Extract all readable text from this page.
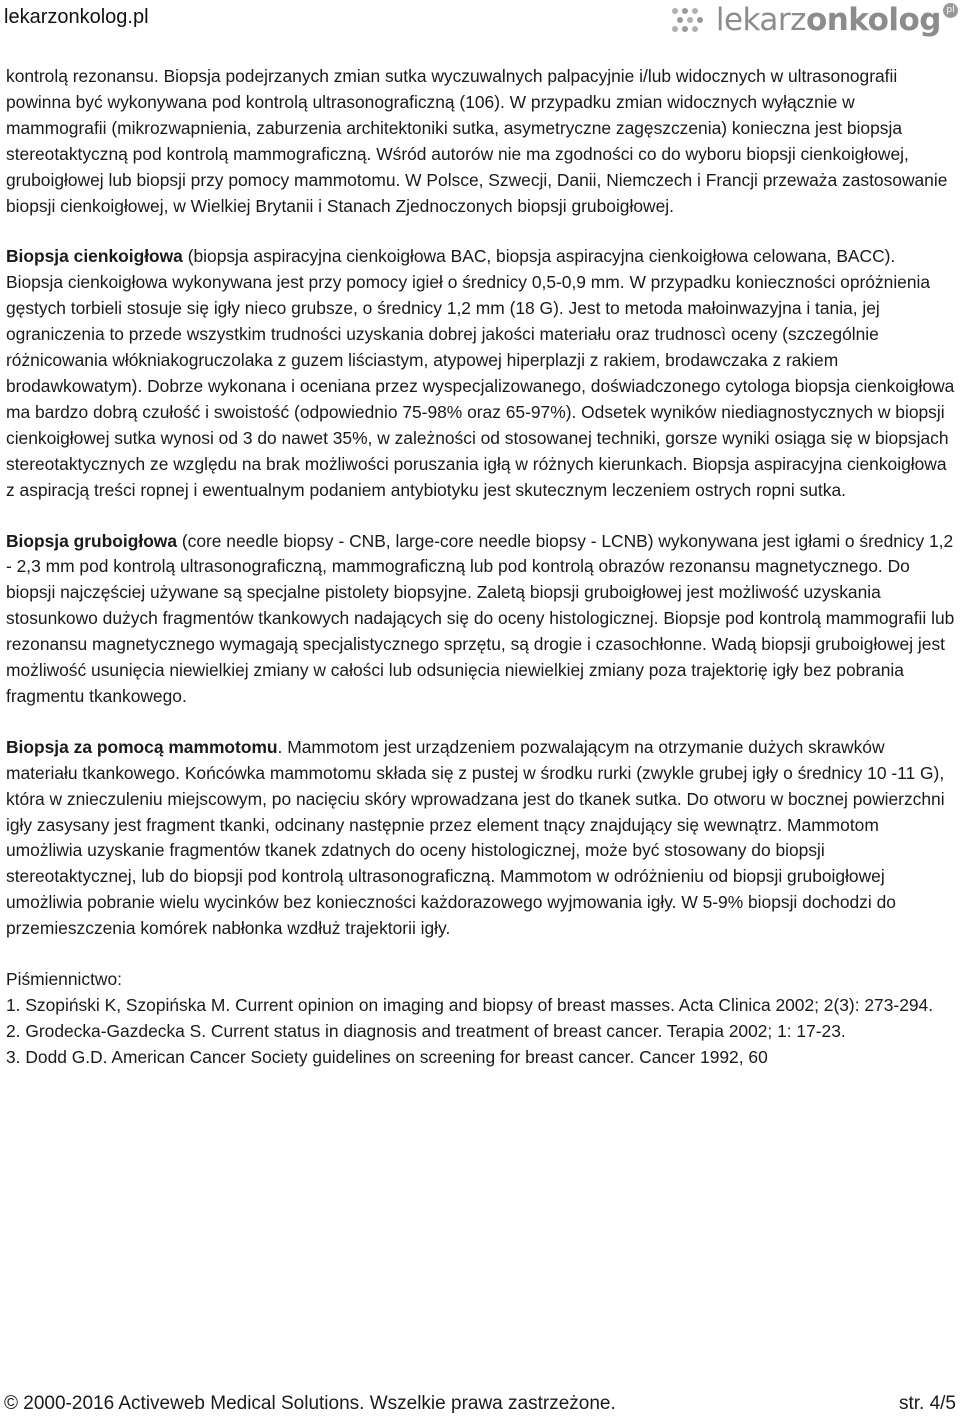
lekarzonkolog.pl	lekarzonkolog pl

kontrolą rezonansu. Biopsja podejrzanych zmian sutka wyczuwalnych palpacyjnie i/lub widocznych w ultrasonografii powinna być wykonywana pod kontrolą ultrasonograficzną (106). W przypadku zmian widocznych wyłącznie w mammografii (mikrozwapnienia, zaburzenia architektoniki sutka, asymetryczne zagęszczenia) konieczna jest biopsja stereotaktyczną pod kontrolą mammograficzną. Wśród autorów nie ma zgodności co do wyboru biopsji cienkoigłowej, gruboigłowej lub biopsji przy pomocy mammotomu. W Polsce, Szwecji, Danii, Niemczech i Francji przeważa zastosowanie biopsji cienkoigłowej, w Wielkiej Brytanii i Stanach Zjednoczonych biopsji gruboigłowej.

Biopsja cienkoigłowa (biopsja aspiracyjna cienkoigłowa BAC, biopsja aspiracyjna cienkoigłowa celowana, BACC). Biopsja cienkoigłowa wykonywana jest przy pomocy igieł o średnicy 0,5-0,9 mm. W przypadku konieczności opróżnienia gęstych torbieli stosuje się igły nieco grubsze, o średnicy 1,2 mm (18 G). Jest to metoda małoinwazyjna i tania, jej ograniczenia to przede wszystkim trudności uzyskania dobrej jakości materiału oraz trudnoscì oceny (szczególnie różnicowania włókniakogruczolaka z guzem liściastym, atypowej hiperplazji z rakiem, brodawczaka z rakiem brodawkowatym). Dobrze wykonana i oceniana przez wyspecjalizowanego, doświadczonego cytologa biopsja cienkoigłowa ma bardzo dobrą czułość i swoistość (odpowiednio 75-98% oraz 65-97%). Odsetek wyników niediagnostycznych w biopsji cienkoigłowej sutka wynosi od 3 do nawet 35%, w zależności od stosowanej techniki, gorsze wyniki osiąga się w biopsjach stereotaktycznych ze względu na brak możliwości poruszania igłą w różnych kierunkach. Biopsja aspiracyjna cienkoigłowa z aspiracją treści ropnej i ewentualnym podaniem antybiotyku jest skutecznym leczeniem ostrych ropni sutka.

Biopsja gruboigłowa (core needle biopsy - CNB, large-core needle biopsy - LCNB) wykonywana jest igłami o średnicy 1,2 - 2,3 mm pod kontrolą ultrasonograficzną, mammograficzną lub pod kontrolą obrazów rezonansu magnetycznego. Do biopsji najczęściej używane są specjalne pistolety biopsyjne. Zaletą biopsji gruboigłowej jest możliwość uzyskania stosunkowo dużych fragmentów tkankowych nadających się do oceny histologicznej. Biopsje pod kontrolą mammografii lub rezonansu magnetycznego wymagają specjalistycznego sprzętu, są drogie i czasochłonne. Wadą biopsji gruboigłowej jest możliwość usunięcia niewielkiej zmiany w całości lub odsunięcia niewielkiej zmiany poza trajektorię igły bez pobrania fragmentu tkankowego.

Biopsja za pomocą mammotomu. Mammotom jest urządzeniem pozwalającym na otrzymanie dużych skrawków materiału tkankowego. Końcówka mammotomu składa się z pustej w środku rurki (zwykle grubej igły o średnicy 10 -11 G), która w znieczuleniu miejscowym, po nacięciu skóry wprowadzana jest do tkanek sutka. Do otworu w bocznej powierzchni igły zasysany jest fragment tkanki, odcinany następnie przez element tnący znajdujący się wewnątrz. Mammotom umożliwia uzyskanie fragmentów tkanek zdatnych do oceny histologicznej, może być stosowany do biopsji stereotaktycznej, lub do biopsji pod kontrolą ultrasonograficzną. Mammotom w odróżnieniu od biopsji gruboigłowej umożliwia pobranie wielu wycinków bez konieczności każdorazowego wyjmowania igły. W 5-9% biopsji dochodzi do przemieszczenia komórek nabłonka wzdłuż trajektorii igły.

Piśmiennictwo:
1. Szopiński K, Szopińska M. Current opinion on imaging and biopsy of breast masses. Acta Clinica 2002; 2(3): 273-294.
2. Grodecka-Gazdecka S. Current status in diagnosis and treatment of breast cancer. Terapia 2002; 1: 17-23.
3. Dodd G.D. American Cancer Society guidelines on screening for breast cancer. Cancer 1992, 60
© 2000-2016 Activeweb Medical Solutions. Wszelkie prawa zastrzeżone.	str. 4/5
